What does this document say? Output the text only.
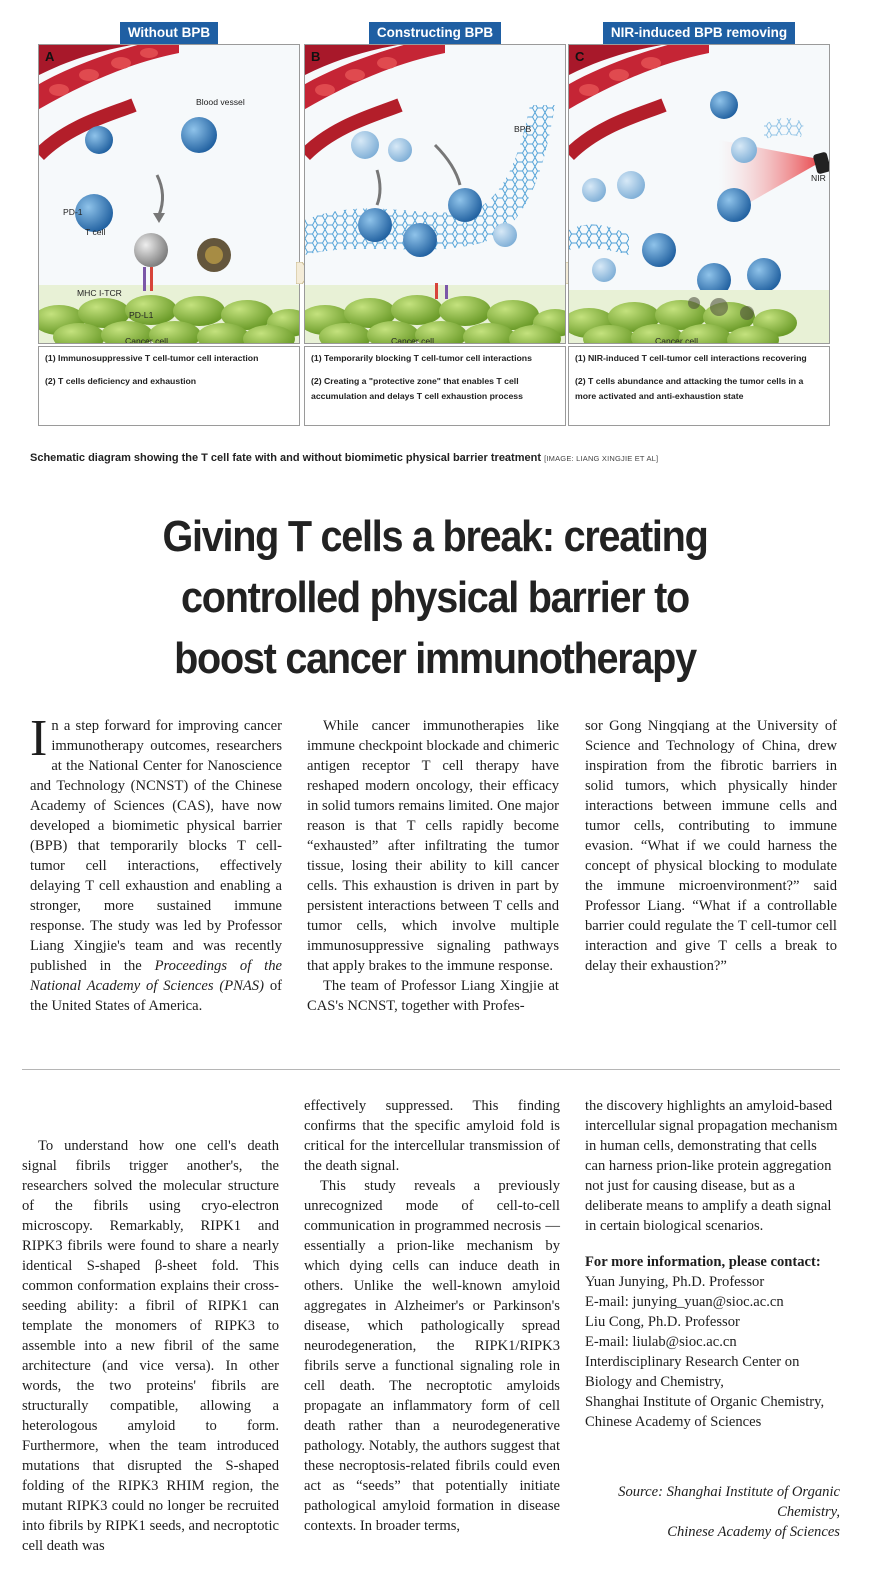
Without BPB
A
Blood vessel
PD-1
T cell
MHC I-TCR
PD-L1
Cancer cell

(1) Immunosuppressive T cell-tumor cell interaction

(2) T cells deficiency and exhaustion

Constructing BPB
B
BPB
Cancer cell

(1) Temporarily blocking T cell-tumor cell interactions

(2) Creating a "protective zone" that enables T cell accumulation and delays T cell exhaustion process

NIR-induced BPB removing
C
NIR
Cancer cell

(1) NIR-induced T cell-tumor cell interactions recovering

(2) T cells abundance and attacking the tumor cells in a more activated and anti-exhaustion state

Schematic diagram showing the T cell fate with and without biomimetic physical barrier treatment [IMAGE: LIANG XINGJIE ET AL]
Giving T cells a break: creating
controlled physical barrier to
boost cancer immunotherapy

In a step forward for improving cancer immunotherapy outcomes, researchers at the National Center for Nanoscience and Technology (NCNST) of the Chinese Academy of Sciences (CAS), have now developed a biomimetic physical barrier (BPB) that temporarily blocks T cell-tumor cell interactions, effectively delaying T cell exhaustion and enabling a stronger, more sustained immune response. The study was led by Professor Liang Xingjie's team and was recently published in the Proceedings of the National Academy of Sciences (PNAS) of the United States of America.

While cancer immunotherapies like immune checkpoint blockade and chimeric antigen receptor T cell therapy have reshaped modern oncology, their efficacy in solid tumors remains limited. One major reason is that T cells rapidly become “exhausted” after infiltrating the tumor tissue, losing their ability to kill cancer cells. This exhaustion is driven in part by persistent interactions between T cells and tumor cells, which involve multiple immunosuppressive signaling pathways that apply brakes to the immune response.

The team of Professor Liang Xingjie at CAS's NCNST, together with Profes-

sor Gong Ningqiang at the University of Science and Technology of China, drew inspiration from the fibrotic barriers in solid tumors, which physically hinder interactions between immune cells and tumor cells, contributing to immune evasion. “What if we could harness the concept of physical blocking to modulate the immune microenvironment?” said Professor Liang. “What if a controllable barrier could regulate the T cell-tumor cell interaction and give T cells a break to delay their exhaustion?”

To understand how one cell's death signal fibrils trigger another's, the researchers solved the molecular structure of the fibrils using cryo-electron microscopy. Remarkably, RIPK1 and RIPK3 fibrils were found to share a nearly identical S-shaped β-sheet fold. This common conformation explains their cross-seeding ability: a fibril of RIPK1 can template the monomers of RIPK3 to assemble into a new fibril of the same architecture (and vice versa). In other words, the two proteins' fibrils are structurally compatible, allowing a heterologous amyloid to form. Furthermore, when the team introduced mutations that disrupted the S-shaped folding of the RIPK3 RHIM region, the mutant RIPK3 could no longer be recruited into fibrils by RIPK1 seeds, and necroptotic cell death was

effectively suppressed. This finding confirms that the specific amyloid fold is critical for the intercellular transmission of the death signal.

This study reveals a previously unrecognized mode of cell-to-cell communication in programmed necrosis — essentially a prion-like mechanism by which dying cells can induce death in others. Unlike the well-known amyloid aggregates in Alzheimer's or Parkinson's disease, which pathologically spread neurodegeneration, the RIPK1/RIPK3 fibrils serve a functional signaling role in cell death. The necroptotic amyloids propagate an inflammatory form of cell death rather than a neurodegenerative pathology. Notably, the authors suggest that these necroptosis-related fibrils could even act as “seeds” that potentially initiate pathological amyloid formation in disease contexts. In broader terms,

the discovery highlights an amyloid-based intercellular signal propagation mechanism in human cells, demonstrating that cells can harness prion-like protein aggregation not just for causing disease, but as a deliberate means to amplify a death signal in certain biological scenarios.

For more information, please contact:
Yuan Junying, Ph.D. Professor
E-mail: junying_yuan@sioc.ac.cn
Liu Cong, Ph.D. Professor
E-mail: liulab@sioc.ac.cn
Interdisciplinary Research Center on Biology and Chemistry,
Shanghai Institute of Organic Chemistry, Chinese Academy of Sciences
Source: Shanghai Institute of Organic Chemistry,
Chinese Academy of Sciences
